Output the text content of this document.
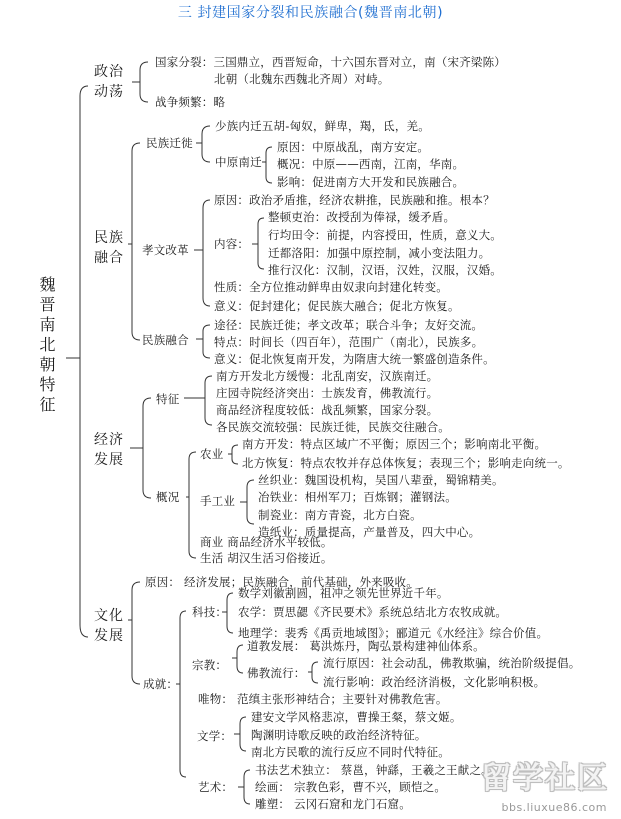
三 封建国家分裂和民族融合(魏晋南北朝)
魏晋南北朝特征
政治动荡
国家分裂：三国鼎立，西晋短命，十六国东晋对立，南（宋齐梁陈）
北朝（北魏东西魏北齐周）对峙。
战争频繁：略
民族融合
民族迁徙
少族内迁五胡-匈奴，鲜卑，羯，氐，羌。
中原南迁
原因：中原战乱，南方安定。
概况：中原——西南，江南，华南。
影响：促进南方大开发和民族融合。
孝文改革
原因：政治矛盾推，经济农耕推，民族融和推。根本？
内容：
整顿吏治：改授刮为俸禄，缓矛盾。
行均田令：前提，内容授田，性质，意义大。
迁都洛阳：加强中原控制，减小变法阻力。
推行汉化：汉制，汉语，汉姓，汉服，汉婚。
性质：全方位推动鲜卑由奴隶向封建化转变。
意义：促封建化；促民族大融合；促北方恢复。
民族融合
途径：民族迁徙；孝文改革；联合斗争；友好交流。
特点：时间长（四百年），范围广（南北），民族多。
意义：促北恢复南开发，为隋唐大统一繁盛创造条件。
经济发展
特征
南方开发北方缓慢：北乱南安，汉族南迁。
庄园寺院经济突出：士族发育，佛教流行。
商品经济程度较低：战乱频繁，国家分裂。
各民族交流较强：民族迁徙，民族交往融合。
概况
农业
南方开发：特点区域广不平衡；原因三个；影响南北平衡。
北方恢复：特点农牧并存总体恢复；表现三个；影响走向统一。
手工业
丝织业：魏国设机构，吴国八辈蚕，蜀锦精美。
冶铁业：相州军刀；百炼钢；灌钢法。
制瓷业：南方青瓷，北方白瓷。
造纸业：质量提高，产量普及，四大中心。
商业 商品经济水平较低。
生活 胡汉生活习俗接近。
文化发展
原因： 经济发展；民族融合，前代基础，外来吸收。
成就：
科技：
数学刘徽割圆，祖冲之领先世界近千年。
农学：贾思勰《齐民要术》系统总结北方农牧成就。
地理学：裴秀《禹贡地域图》；郦道元《水经注》综合价值。
宗教：
道教发展： 葛洪炼丹，陶弘景构建神仙体系。
佛教流行：
流行原因：社会动乱，佛教欺骗，统治阶级提倡。
流行影响：政治经济消极，文化影响积极。
唯物： 范缜主张形神结合；主要针对佛教危害。
文学：
建安文学风格悲凉，曹操王粲，蔡文姬。
陶渊明诗歌反映的政治经济特征。
南北方民歌的流行反应不同时代特征。
艺术：
书法艺术独立： 蔡邕，钟繇，王羲之王献之。
绘画： 宗教色彩，曹不兴，顾恺之。
雕塑： 云冈石窟和龙门石窟。
留学社区
bbs.liuxue86.com
